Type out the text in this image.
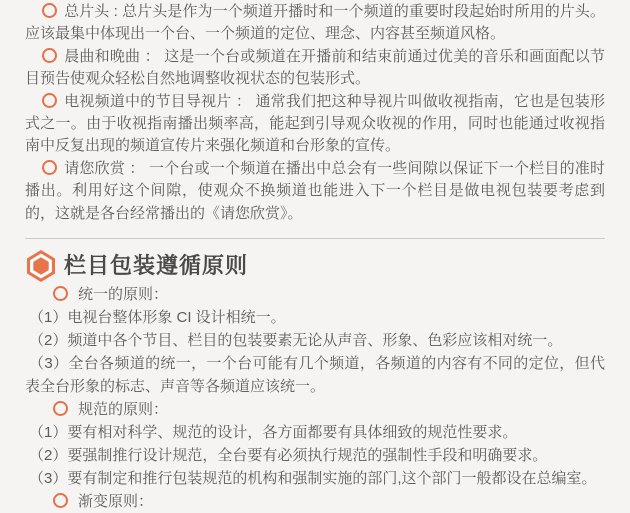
总片头 : 总片头是作为一个频道开播时和一个频道的重要时段起始时所用的片头。应该最集中体现出一个台、一个频道的定位、理念、内容甚至频道风格。

晨曲和晚曲 ： 这是一个台或频道在开播前和结束前通过优美的音乐和画面配以节目预告使观众轻松自然地调整收视状态的包装形式。

电视频道中的节目导视片 ： 通常我们把这种导视片叫做收视指南，它也是包装形式之一。由于收视指南播出频率高，能起到引导观众收视的作用，同时也能通过收视指南中反复出现的频道宣传片来强化频道和台形象的宣传。

请您欣赏 ： 一个台或一个频道在播出中总会有一些间隙以保证下一个栏目的准时播出。利用好这个间隙，使观众不换频道也能进入下一个栏目是做电视包装要考虑到的，这就是各台经常播出的《请您欣赏》。

栏目包装遵循原则

统一的原则：

（1）电视台整体形象 CI 设计相统一。

（2）频道中各个节目、栏目的包装要素无论从声音、形象、色彩应该相对统一。

（3）全台各频道的统一，一个台可能有几个频道，各频道的内容有不同的定位，但代表全台形象的标志、声音等各频道应该统一。

规范的原则：

（1）要有相对科学、规范的设计，各方面都要有具体细致的规范性要求。

（2）要强制推行设计规范，全台要有必须执行规范的强制性手段和明确要求。

（3）要有制定和推行包装规范的机构和强制实施的部门,这个部门一般都设在总编室。

渐变原则：
